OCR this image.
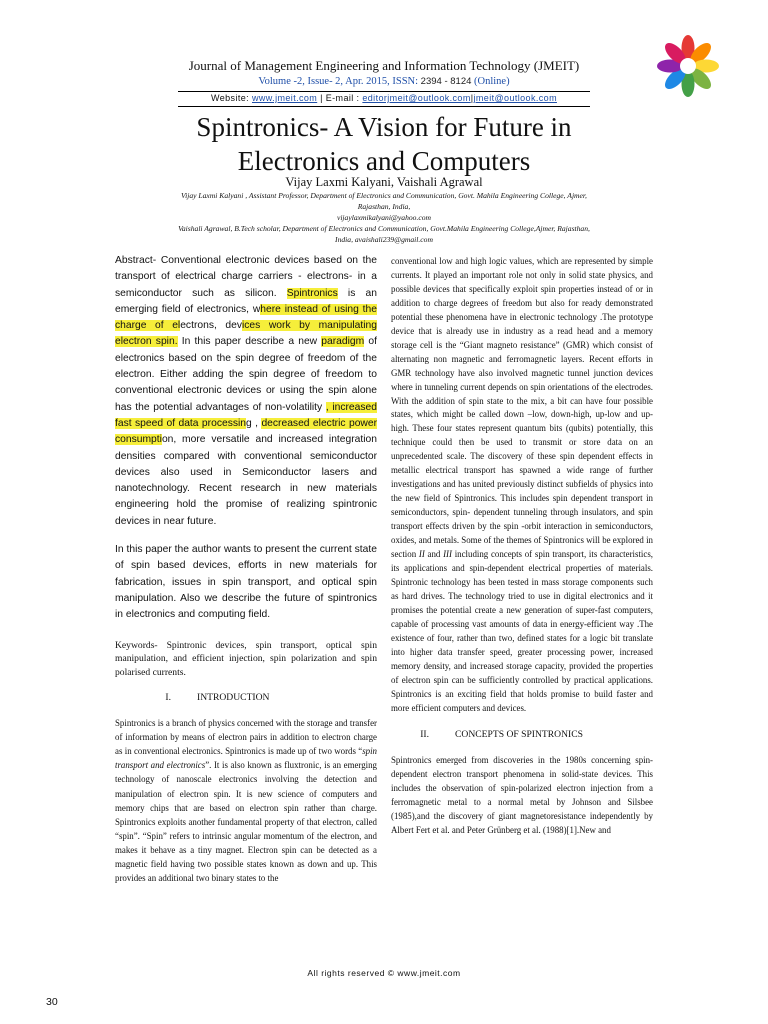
Journal of Management Engineering and Information Technology (JMEIT)
Volume -2, Issue- 2, Apr. 2015, ISSN: 2394 - 8124 (Online)
Website: www.jmeit.com | E-mail : editorjmeit@outlook.com|jmeit@outlook.com
Spintronics- A Vision for Future in
Electronics and Computers
Vijay Laxmi Kalyani, Vaishali Agrawal
Vijay Laxmi Kalyani , Assistant Professor, Department of Electronics and Communication, Govt. Mahila Engineering College, Ajmer,
Rajasthan, India,
vijaylaxmikalyani@yahoo.com
Vaishali Agrawal, B.Tech scholar, Department of Electronics and Communication, Govt.Mahila Engineering College,Ajmer, Rajasthan,
India, avaishali239@gmail.com

Abstract- Conventional electronic devices based on the transport of electrical charge carriers - electrons- in a semiconductor such as silicon. Spintronics is an emerging field of electronics, where instead of using the charge of electrons, devices work by manipulating electron spin. In this paper describe a new paradigm of electronics based on the spin degree of freedom of the electron. Either adding the spin degree of freedom to conventional electronic devices or using the spin alone has the potential advantages of non-volatility , increased fast speed of data processing , decreased electric power consumption, more versatile and increased integration densities compared with conventional semiconductor devices also used in Semiconductor lasers and nanotechnology. Recent research in new materials engineering hold the promise of realizing spintronic devices in near future.

In this paper the author wants to present the current state of spin based devices, efforts in new materials for fabrication, issues in spin transport, and optical spin manipulation. Also we describe the future of spintronics in electronics and computing field.

Keywords- Spintronic devices, spin transport, optical spin manipulation, and efficient injection, spin polarization and spin polarised currents.
I.	INTRODUCTION

Spintronics is a branch of physics concerned with the storage and transfer of information by means of electron pairs in addition to electron charge as in conventional electronics. Spintronics is made up of two words “spin transport and electronics”. It is also known as fluxtronic, is an emerging technology of nanoscale electronics involving the detection and manipulation of electron spin. It is new science of computers and memory chips that are based on electron spin rather than charge. Spintronics exploits another fundamental property of that electron, called “spin”. “Spin” refers to intrinsic angular momentum of the electron, and makes it behave as a tiny magnet. Electron spin can be detected as a magnetic field having two possible states known as down and up. This provides an additional two binary states to the

conventional low and high logic values, which are represented by simple currents. It played an important role not only in solid state physics, and possible devices that specifically exploit spin properties instead of or in addition to charge degrees of freedom but also for ready demonstrated potential these phenomena have in electronic technology .The prototype device that is already use in industry as a read head and a memory storage cell is the “Giant magneto resistance” (GMR) which consist of alternating non magnetic and ferromagnetic layers. Recent efforts in GMR technology have also involved magnetic tunnel junction devices where in tunneling current depends on spin orientations of the electrodes. With the addition of spin state to the mix, a bit can have four possible states, which might be called down –low, down-high, up-low and up-high. These four states represent quantum bits (qubits) potentially, this technique could then be used to transmit or store data on an unprecedented scale. The discovery of these spin dependent effects in metallic electrical transport has spawned a wide range of further investigations and has united previously distinct subfields of physics into the new field of Spintronics. This includes spin dependent transport in semiconductors, spin- dependent tunneling through insulators, and spin transport effects driven by the spin -orbit interaction in semiconductors, oxides, and metals. Some of the themes of Spintronics will be explored in section II and III including concepts of spin transport, its characteristics, its applications and spin-dependent electrical properties of materials. Spintronic technology has been tested in mass storage components such as hard drives. The technology tried to use in digital electronics and it promises the potential create a new generation of super-fast computers, capable of processing vast amounts of data in energy-efficient way .The existence of four, rather than two, defined states for a logic bit translate into higher data transfer speed, greater processing power, increased memory density, and increased storage capacity, provided the properties of electron spin can be sufficiently controlled by practical applications. Spintronics is an exciting field that holds promise to build faster and more efficient computers and devices.

II.	CONCEPTS OF SPINTRONICS

Spintronics emerged from discoveries in the 1980s concerning spin-dependent electron transport phenomena in solid-state devices. This includes the observation of spin-polarized electron injection from a ferromagnetic metal to a normal metal by Johnson and Silsbee (1985),and the discovery of giant magnetoresistance independently by Albert Fert et al. and Peter Grünberg et al. (1988)[1].New and

All rights reserved © www.jmeit.com
30
